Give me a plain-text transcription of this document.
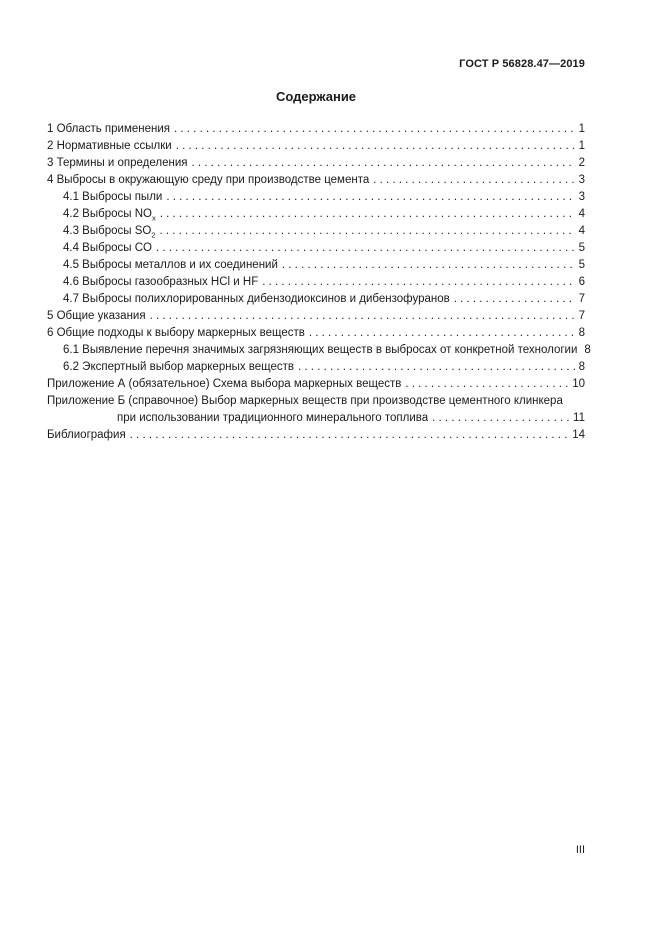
ГОСТ Р 56828.47—2019
Содержание
1 Область применения . . .	1
2 Нормативные ссылки . . .	1
3 Термины и определения . . .	2
4 Выбросы в окружающую среду при производстве цемента . . .	3
4.1 Выбросы пыли . . .	3
4.2 Выбросы $NO_x$ . . .	4
4.3 Выбросы $SO_2$ . . .	4
4.4 Выбросы CO . . .	5
4.5 Выбросы металлов и их соединений . . .	5
4.6 Выбросы газообразных HCl и HF . . .	6
4.7 Выбросы полихлорированных дибензодиоксинов и дибензофуранов . . .	7
5 Общие указания . . .	7
6 Общие подходы к выбору маркерных веществ . . .	8
6.1 Выявление перечня значимых загрязняющих веществ в выбросах от конкретной технологии 8
6.2 Экспертный выбор маркерных веществ . . .	8
Приложение А (обязательное) Схема выбора маркерных веществ . . .	10
Приложение Б (справочное) Выбор маркерных веществ при производстве цементного клинкера
при использовании традиционного минерального топлива . . .	11
Библиография . . .	14
III
